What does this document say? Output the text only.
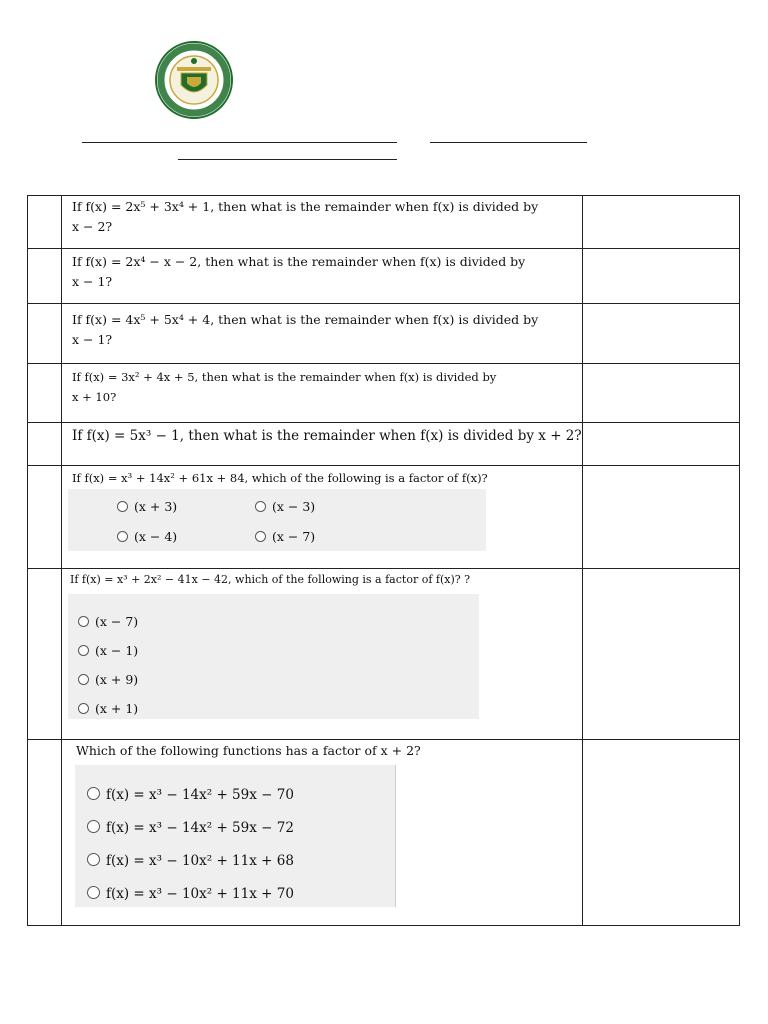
	If f(x) = 2x⁵ + 3x⁴ + 1, then what is the remainder when f(x) is divided by
x − 2?	

	If f(x) = 2x⁴ − x − 2, then what is the remainder when f(x) is divided by
x − 1?	

	If f(x) = 4x⁵ + 5x⁴ + 4, then what is the remainder when f(x) is divided by
x − 1?	

	If f(x) = 3x² + 4x + 5, then what is the remainder when f(x) is divided by
x + 10?	

	If f(x) = 5x³ − 1, then what is the remainder when f(x) is divided by x + 2?	

	If f(x) = x³ + 14x² + 61x + 84, which of the following is a factor of f(x)?
(x + 3) (x − 3)
(x − 4) (x − 7)	

	If f(x) = x³ + 2x² − 41x − 42, which of the following is a factor of f(x)? ?
(x − 7)
(x − 1)
(x + 9)
(x + 1)	

	Which of the following functions has a factor of x + 2?
f(x) = x³ − 14x² + 59x − 70
f(x) = x³ − 14x² + 59x − 72
f(x) = x³ − 10x² + 11x + 68
f(x) = x³ − 10x² + 11x + 70	
